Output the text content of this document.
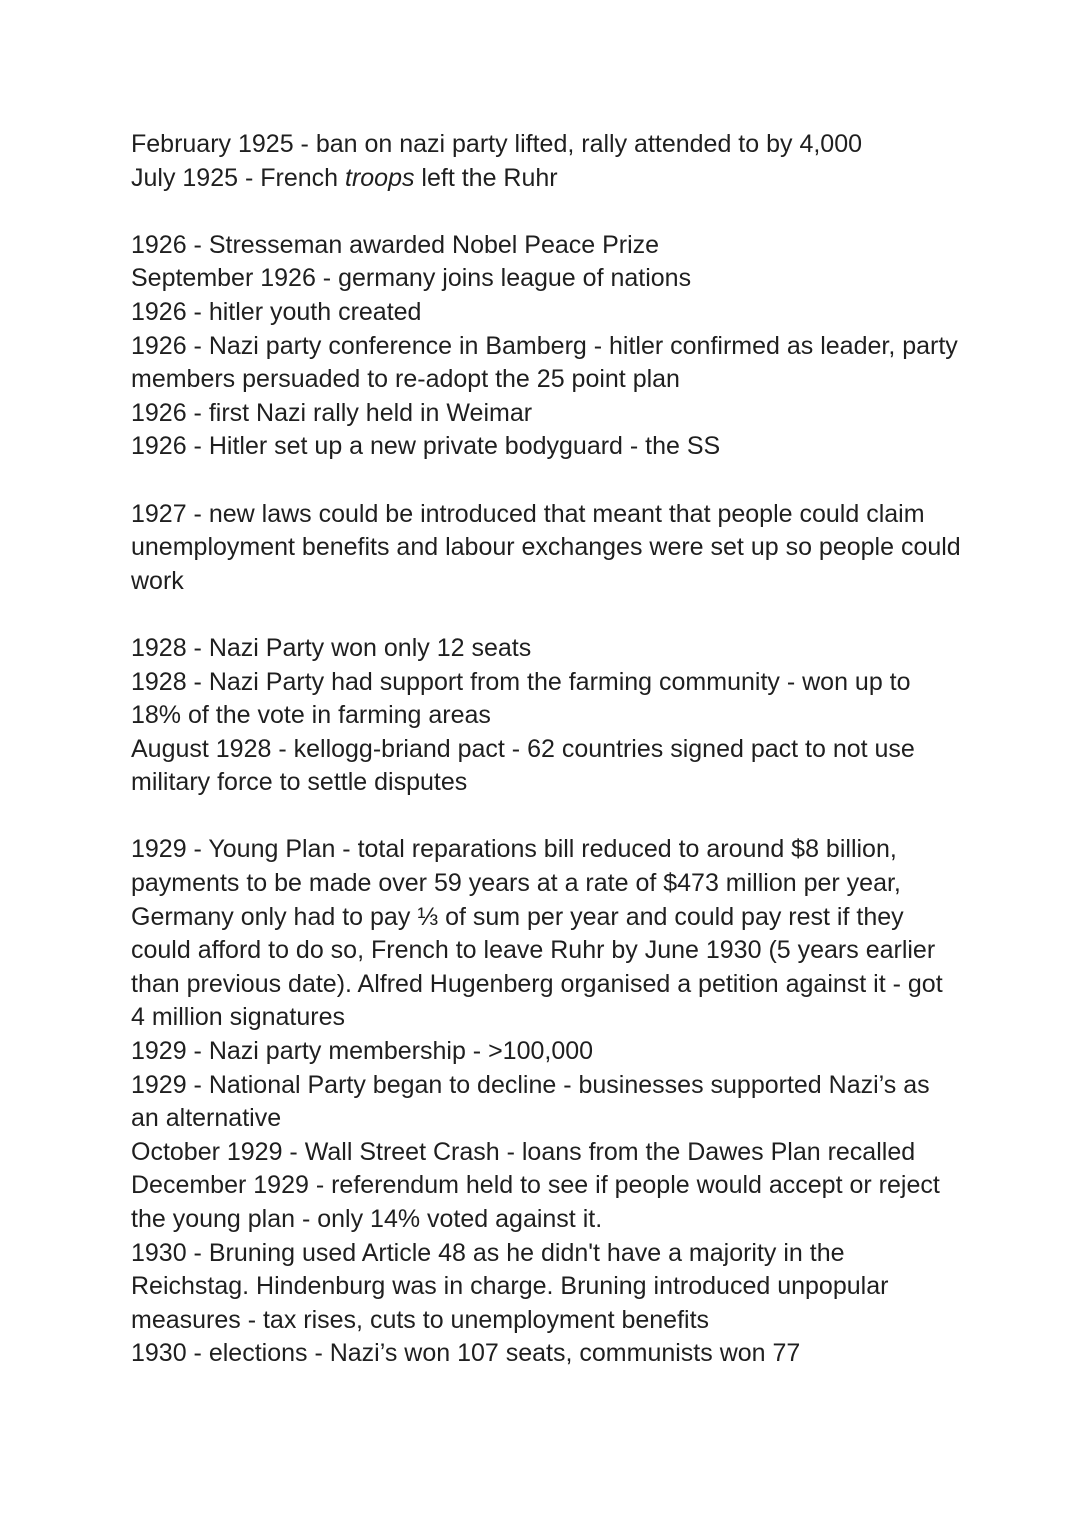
February 1925 - ban on nazi party lifted, rally attended to by 4,000
July 1925 - French troops left the Ruhr

1926 - Stresseman awarded Nobel Peace Prize
September 1926 - germany joins league of nations
1926 - hitler youth created
1926 - Nazi party conference in Bamberg - hitler confirmed as leader, party members persuaded to re-adopt the 25 point plan
1926 - first Nazi rally held in Weimar
1926 - Hitler set up a new private bodyguard - the SS

1927 - new laws could be introduced that meant that people could claim unemployment benefits and labour exchanges were set up so people could work

1928 - Nazi Party won only 12 seats
1928 - Nazi Party had support from the farming community - won up to 18% of the vote in farming areas
August 1928 - kellogg-briand pact - 62 countries signed pact to not use military force to settle disputes

1929 - Young Plan - total reparations bill reduced to around $8 billion, payments to be made over 59 years at a rate of $473 million per year, Germany only had to pay ⅓ of sum per year and could pay rest if they could afford to do so, French to leave Ruhr by June 1930 (5 years earlier than previous date). Alfred Hugenberg organised a petition against it - got 4 million signatures
1929 - Nazi party membership - >100,000
1929 - National Party began to decline - businesses supported Nazi’s as an alternative
October 1929 - Wall Street Crash - loans from the Dawes Plan recalled
December 1929 - referendum held to see if people would accept or reject the young plan - only 14% voted against it.
1930 - Bruning used Article 48 as he didn't have a majority in the Reichstag. Hindenburg was in charge. Bruning introduced unpopular measures - tax rises, cuts to unemployment benefits
1930 - elections - Nazi’s won 107 seats, communists won 77
